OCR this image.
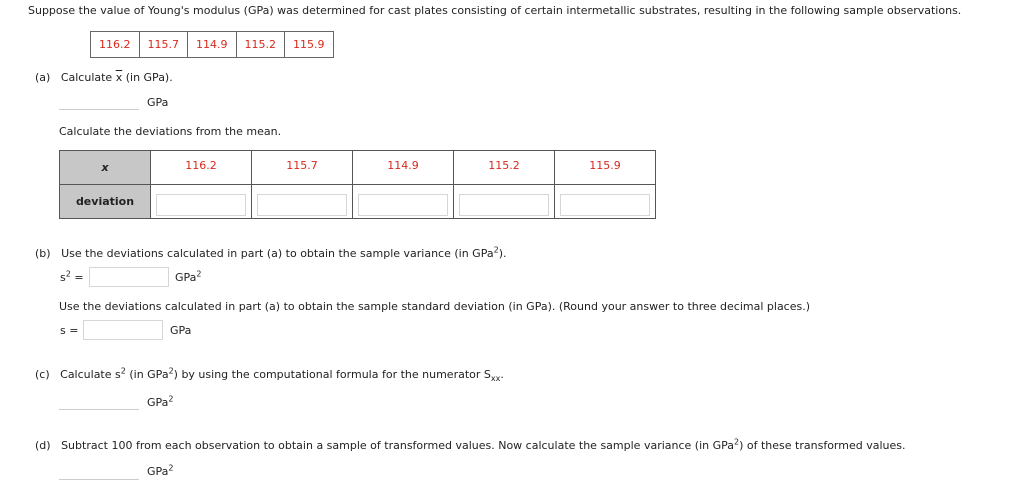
Suppose the value of Young's modulus (GPa) was determined for cast plates consisting of certain intermetallic substrates, resulting in the following sample observations.
116.2	115.7	114.9	115.2	115.9
(a) Calculate $\overline{x}$ (in GPa).
GPa
Calculate the deviations from the mean.
x	116.2	115.7	114.9	115.2	115.9
deviation	

(b) Use the deviations calculated in part (a) to obtain the sample variance (in GPa$^2$).
$s^2$ =	GPa$^2$
Use the deviations calculated in part (a) to obtain the sample standard deviation (in GPa). (Round your answer to three decimal places.)
s =	GPa
(c) Calculate $s^2$ (in GPa$^2$) by using the computational formula for the numerator $S_{xx}$.
GPa$^2$
(d) Subtract 100 from each observation to obtain a sample of transformed values. Now calculate the sample variance (in GPa$^2$) of these transformed values.
GPa$^2$
